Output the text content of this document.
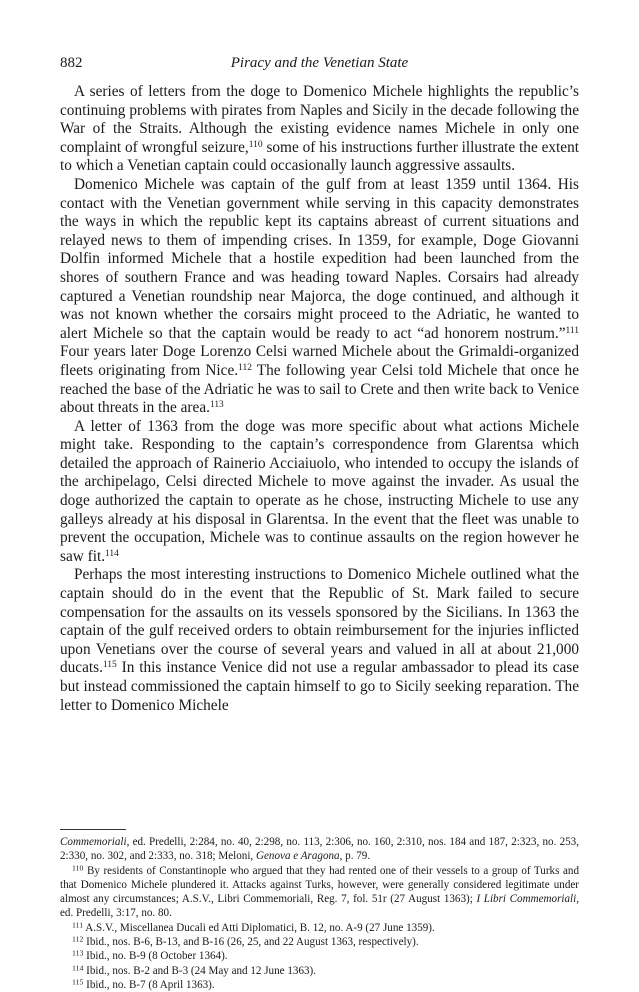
882	Piracy and the Venetian State

A series of letters from the doge to Domenico Michele highlights the republic’s continuing problems with pirates from Naples and Sicily in the decade following the War of the Straits. Although the existing evidence names Michele in only one complaint of wrongful seizure,$^{110}$ some of his instructions further illustrate the extent to which a Venetian captain could occasionally launch aggressive assaults.

Domenico Michele was captain of the gulf from at least 1359 until 1364. His contact with the Venetian government while serving in this capacity demonstrates the ways in which the republic kept its captains abreast of current situations and relayed news to them of impending crises. In 1359, for example, Doge Giovanni Dolfin informed Michele that a hostile expedition had been launched from the shores of southern France and was heading toward Naples. Corsairs had already captured a Venetian roundship near Majorca, the doge continued, and although it was not known whether the corsairs might proceed to the Adriatic, he wanted to alert Michele so that the captain would be ready to act “ad honorem nostrum.”$^{111}$ Four years later Doge Lorenzo Celsi warned Michele about the Grimaldi-organized fleets originating from Nice.$^{112}$ The following year Celsi told Michele that once he reached the base of the Adriatic he was to sail to Crete and then write back to Venice about threats in the area.$^{113}$

A letter of 1363 from the doge was more specific about what actions Michele might take. Responding to the captain’s correspondence from Glarentsa which detailed the approach of Rainerio Acciaiuolo, who intended to occupy the islands of the archipelago, Celsi directed Michele to move against the invader. As usual the doge authorized the captain to operate as he chose, instructing Michele to use any galleys already at his disposal in Glarentsa. In the event that the fleet was unable to prevent the occupation, Michele was to continue assaults on the region however he saw fit.$^{114}$

Perhaps the most interesting instructions to Domenico Michele outlined what the captain should do in the event that the Republic of St. Mark failed to secure compensation for the assaults on its vessels sponsored by the Sicilians. In 1363 the captain of the gulf received orders to obtain reimbursement for the injuries inflicted upon Venetians over the course of several years and valued in all at about 21,000 ducats.$^{115}$ In this instance Venice did not use a regular ambassador to plead its case but instead commissioned the captain himself to go to Sicily seeking reparation. The letter to Domenico Michele

Commemoriali, ed. Predelli, 2:284, no. 40, 2:298, no. 113, 2:306, no. 160, 2:310, nos. 184 and 187, 2:323, no. 253, 2:330, no. 302, and 2:333, no. 318; Meloni, Genova e Aragona, p. 79.

$^{110}$ By residents of Constantinople who argued that they had rented one of their vessels to a group of Turks and that Domenico Michele plundered it. Attacks against Turks, however, were generally considered legitimate under almost any circumstances; A.S.V., Libri Commemoriali, Reg. 7, fol. 51r (27 August 1363); I Libri Commemoriali, ed. Predelli, 3:17, no. 80.

$^{111}$ A.S.V., Miscellanea Ducali ed Atti Diplomatici, B. 12, no. A-9 (27 June 1359).

$^{112}$ Ibid., nos. B-6, B-13, and B-16 (26, 25, and 22 August 1363, respectively).

$^{113}$ Ibid., no. B-9 (8 October 1364).

$^{114}$ Ibid., nos. B-2 and B-3 (24 May and 12 June 1363).

$^{115}$ Ibid., no. B-7 (8 April 1363).
